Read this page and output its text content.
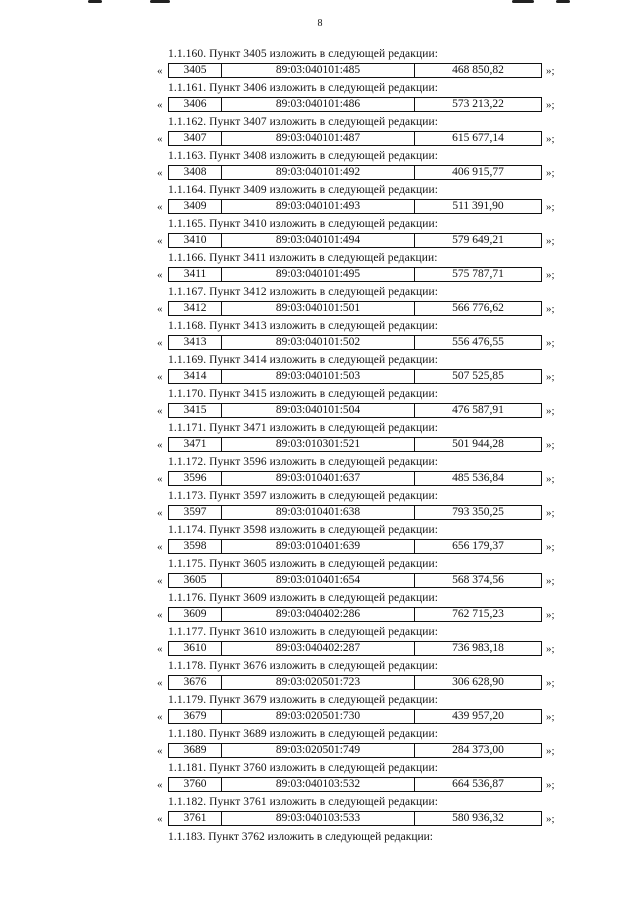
8
1.1.160. Пункт 3405 изложить в следующей редакции:
«	3405	89:03:040101:485	468 850,82	»;
1.1.161. Пункт 3406 изложить в следующей редакции:
«	3406	89:03:040101:486	573 213,22	»;
1.1.162. Пункт 3407 изложить в следующей редакции:
«	3407	89:03:040101:487	615 677,14	»;
1.1.163. Пункт 3408 изложить в следующей редакции:
«	3408	89:03:040101:492	406 915,77	»;
1.1.164. Пункт 3409 изложить в следующей редакции:
«	3409	89:03:040101:493	511 391,90	»;
1.1.165. Пункт 3410 изложить в следующей редакции:
«	3410	89:03:040101:494	579 649,21	»;
1.1.166. Пункт 3411 изложить в следующей редакции:
«	3411	89:03:040101:495	575 787,71	»;
1.1.167. Пункт 3412 изложить в следующей редакции:
«	3412	89:03:040101:501	566 776,62	»;
1.1.168. Пункт 3413 изложить в следующей редакции:
«	3413	89:03:040101:502	556 476,55	»;
1.1.169. Пункт 3414 изложить в следующей редакции:
«	3414	89:03:040101:503	507 525,85	»;
1.1.170. Пункт 3415 изложить в следующей редакции:
«	3415	89:03:040101:504	476 587,91	»;
1.1.171. Пункт 3471 изложить в следующей редакции:
«	3471	89:03:010301:521	501 944,28	»;
1.1.172. Пункт 3596 изложить в следующей редакции:
«	3596	89:03:010401:637	485 536,84	»;
1.1.173. Пункт 3597 изложить в следующей редакции:
«	3597	89:03:010401:638	793 350,25	»;
1.1.174. Пункт 3598 изложить в следующей редакции:
«	3598	89:03:010401:639	656 179,37	»;
1.1.175. Пункт 3605 изложить в следующей редакции:
«	3605	89:03:010401:654	568 374,56	»;
1.1.176. Пункт 3609 изложить в следующей редакции:
«	3609	89:03:040402:286	762 715,23	»;
1.1.177. Пункт 3610 изложить в следующей редакции:
«	3610	89:03:040402:287	736 983,18	»;
1.1.178. Пункт 3676 изложить в следующей редакции:
«	3676	89:03:020501:723	306 628,90	»;
1.1.179. Пункт 3679 изложить в следующей редакции:
«	3679	89:03:020501:730	439 957,20	»;
1.1.180. Пункт 3689 изложить в следующей редакции:
«	3689	89:03:020501:749	284 373,00	»;
1.1.181. Пункт 3760 изложить в следующей редакции:
«	3760	89:03:040103:532	664 536,87	»;
1.1.182. Пункт 3761 изложить в следующей редакции:
«	3761	89:03:040103:533	580 936,32	»;
1.1.183. Пункт 3762 изложить в следующей редакции:
